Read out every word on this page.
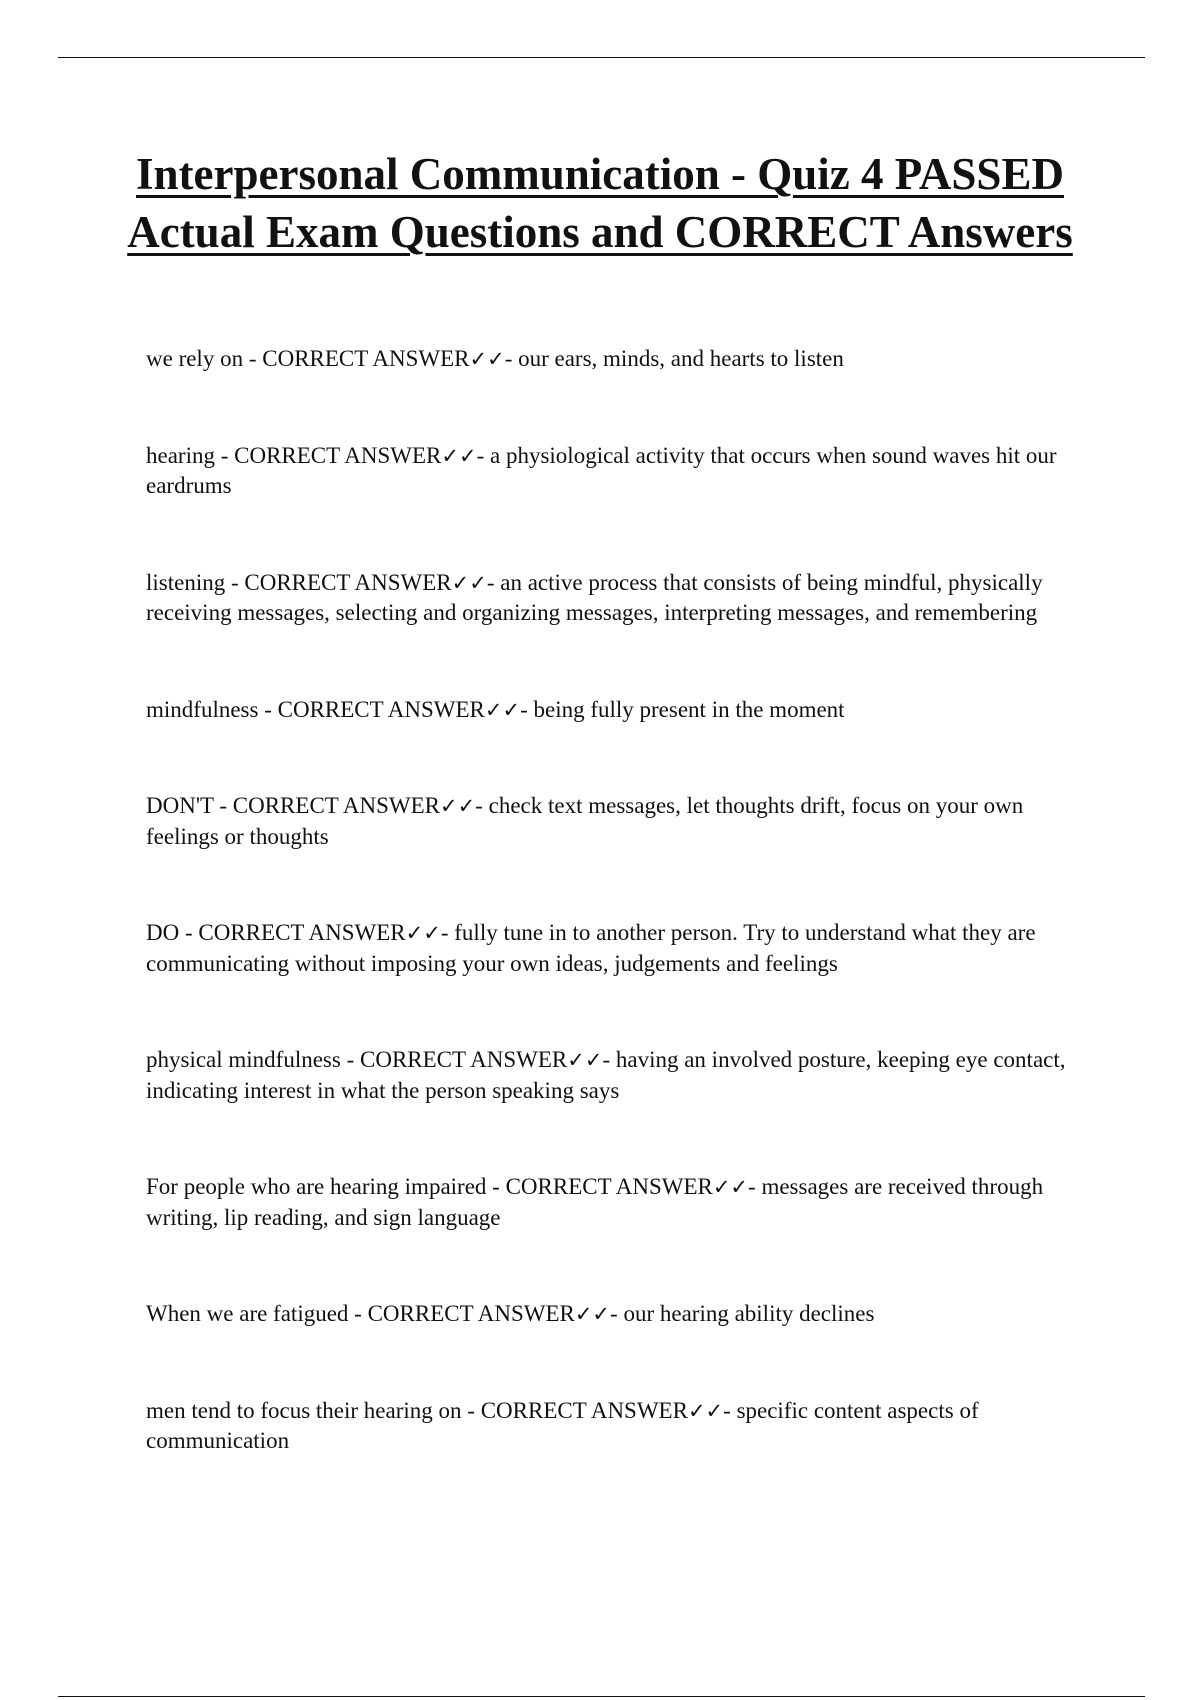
Interpersonal Communication - Quiz 4 PASSED Actual Exam Questions and CORRECT Answers
we rely on - CORRECT ANSWER✓✓- our ears, minds, and hearts to listen
hearing - CORRECT ANSWER✓✓- a physiological activity that occurs when sound waves hit our eardrums
listening - CORRECT ANSWER✓✓- an active process that consists of being mindful, physically receiving messages, selecting and organizing messages, interpreting messages, and remembering
mindfulness - CORRECT ANSWER✓✓- being fully present in the moment
DON'T - CORRECT ANSWER✓✓- check text messages, let thoughts drift, focus on your own feelings or thoughts
DO - CORRECT ANSWER✓✓- fully tune in to another person. Try to understand what they are communicating without imposing your own ideas, judgements and feelings
physical mindfulness - CORRECT ANSWER✓✓- having an involved posture, keeping eye contact, indicating interest in what the person speaking says
For people who are hearing impaired - CORRECT ANSWER✓✓- messages are received through writing, lip reading, and sign language
When we are fatigued - CORRECT ANSWER✓✓- our hearing ability declines
men tend to focus their hearing on - CORRECT ANSWER✓✓- specific content aspects of communication
